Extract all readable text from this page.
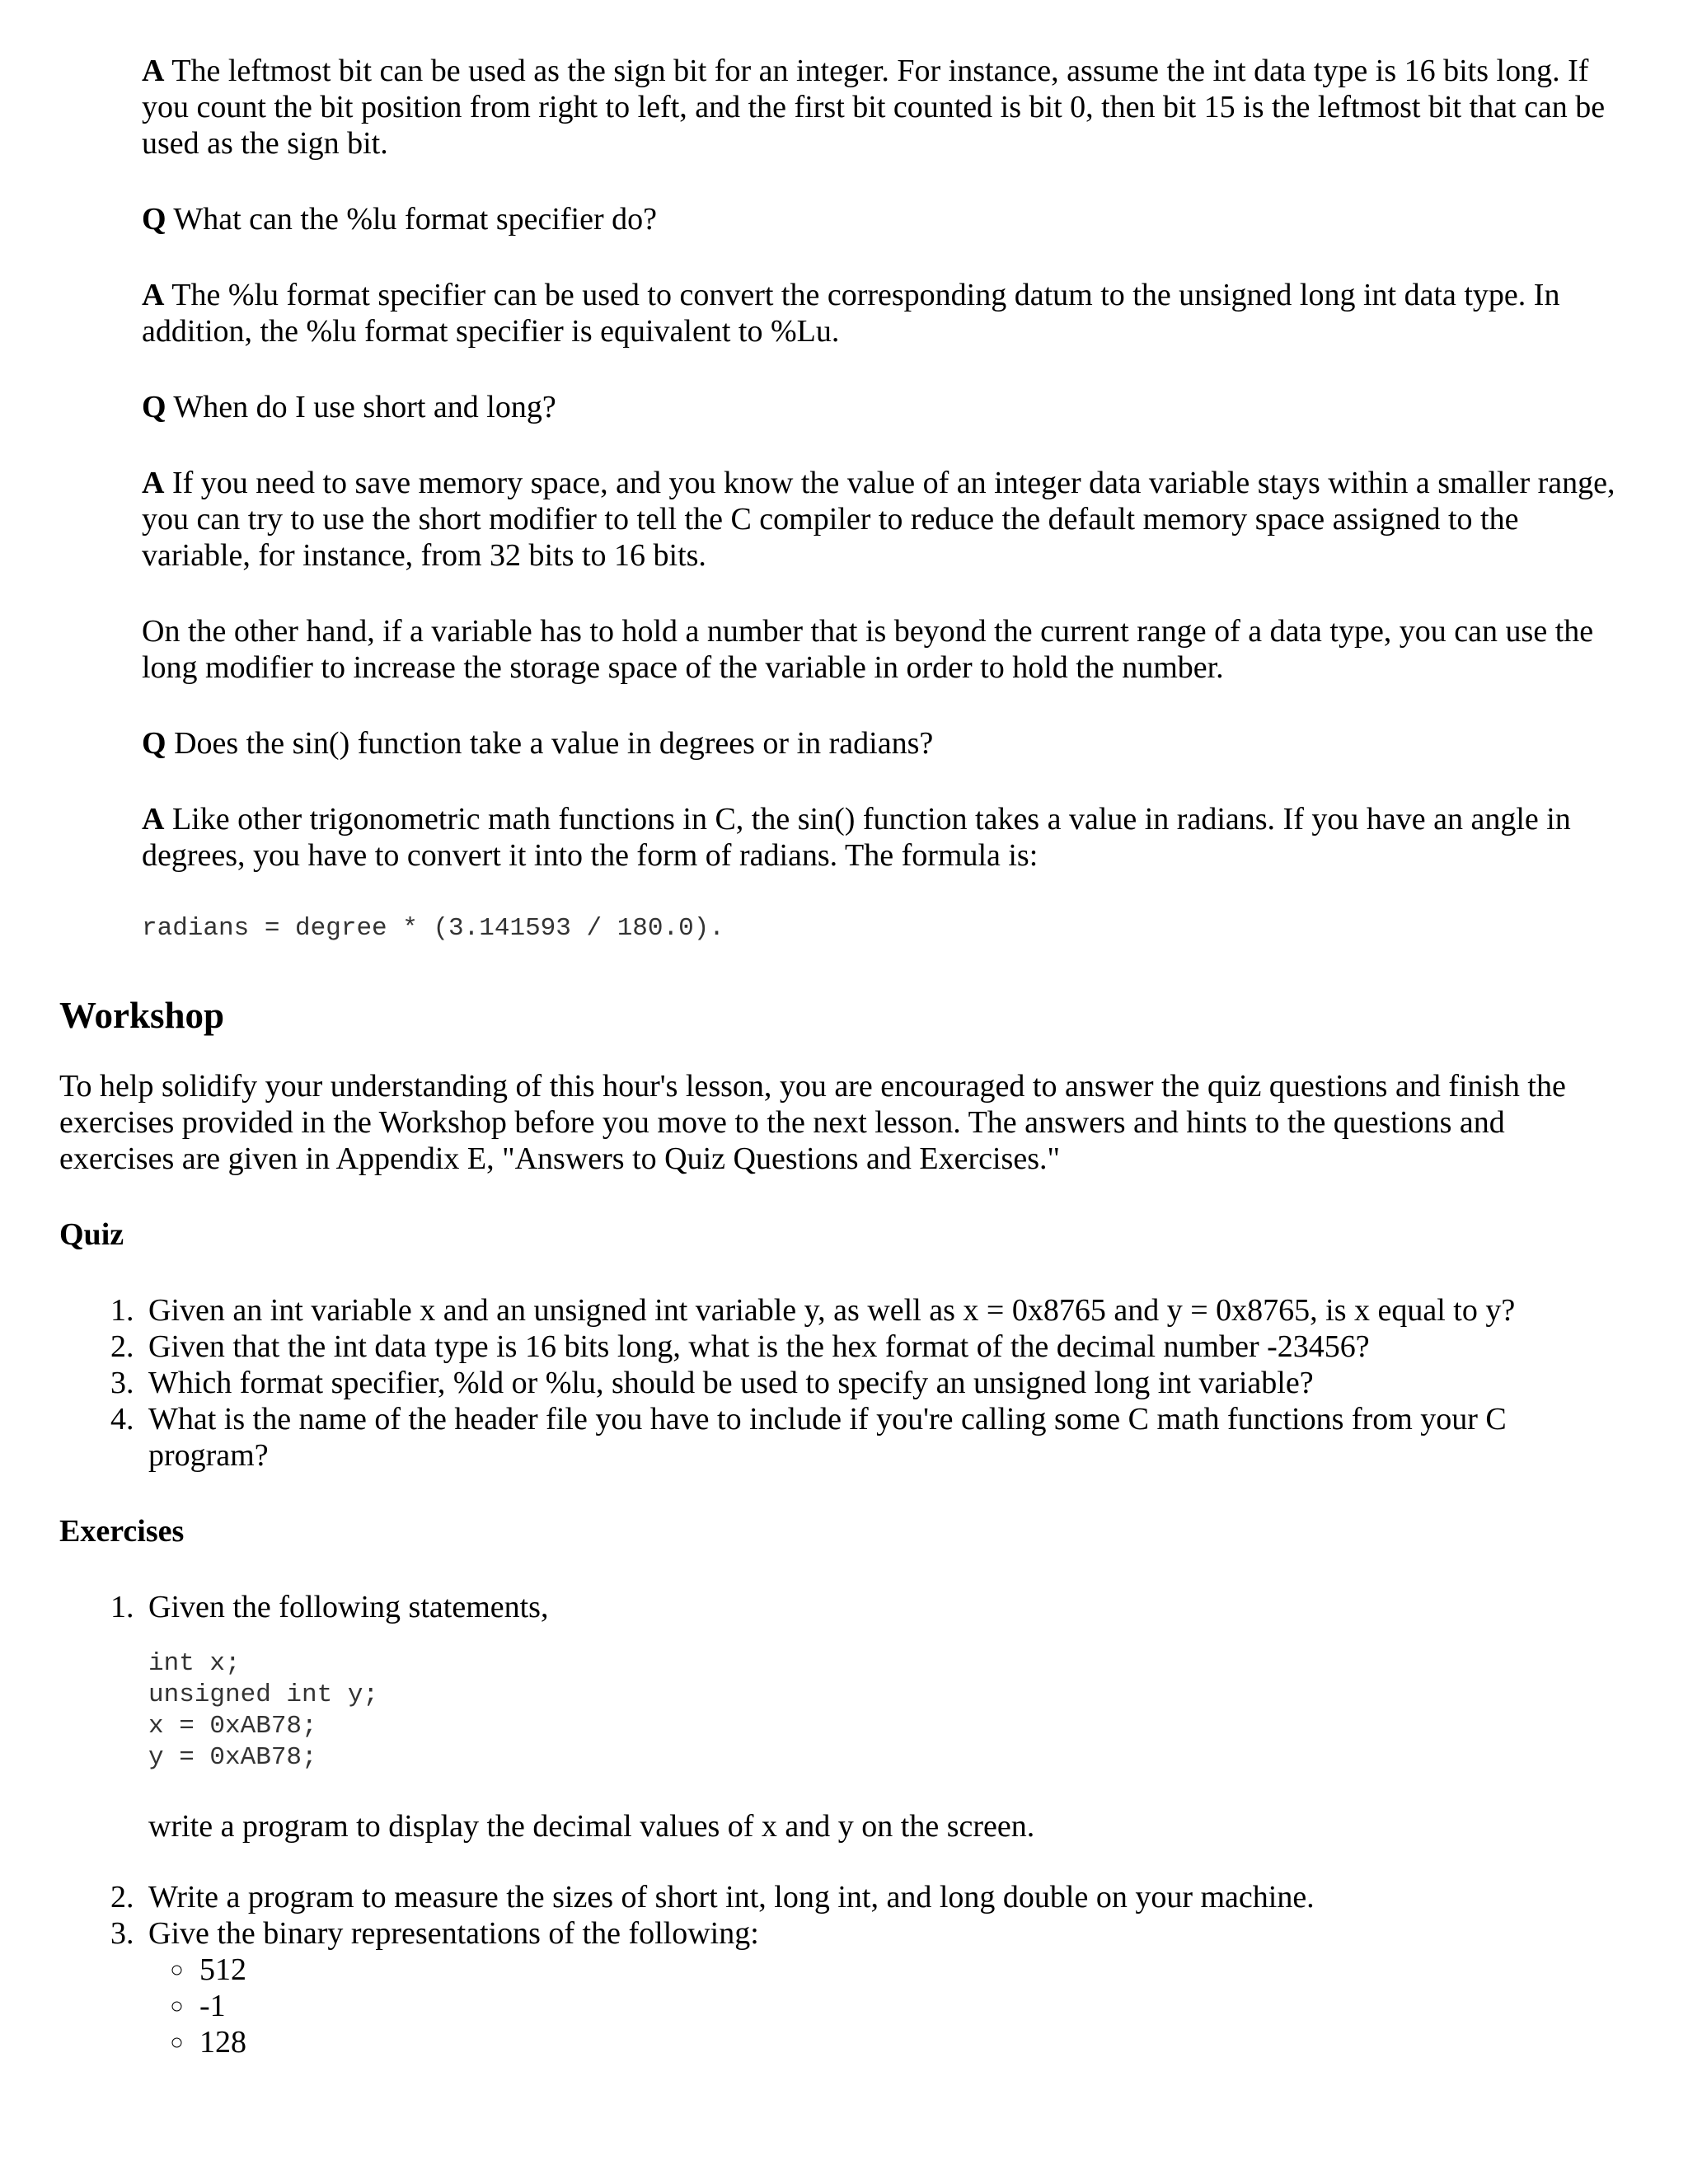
A The leftmost bit can be used as the sign bit for an integer. For instance, assume the int data type is 16 bits long. If you count the bit position from right to left, and the first bit counted is bit 0, then bit 15 is the leftmost bit that can be used as the sign bit.

Q What can the %lu format specifier do?

A The %lu format specifier can be used to convert the corresponding datum to the unsigned long int data type. In addition, the %lu format specifier is equivalent to %Lu.

Q When do I use short and long?

A If you need to save memory space, and you know the value of an integer data variable stays within a smaller range, you can try to use the short modifier to tell the C compiler to reduce the default memory space assigned to the variable, for instance, from 32 bits to 16 bits.

On the other hand, if a variable has to hold a number that is beyond the current range of a data type, you can use the long modifier to increase the storage space of the variable in order to hold the number.

Q Does the sin() function take a value in degrees or in radians?

A Like other trigonometric math functions in C, the sin() function takes a value in radians. If you have an angle in degrees, you have to convert it into the form of radians. The formula is:

radians = degree * (3.141593 / 180.0).
Workshop

To help solidify your understanding of this hour's lesson, you are encouraged to answer the quiz questions and finish the exercises provided in the Workshop before you move to the next lesson. The answers and hints to the questions and exercises are given in Appendix E, "Answers to Quiz Questions and Exercises."

Quiz
1. Given an int variable x and an unsigned int variable y, as well as x = 0x8765 and y = 0x8765, is x equal to y?
2. Given that the int data type is 16 bits long, what is the hex format of the decimal number -23456?
3. Which format specifier, %ld or %lu, should be used to specify an unsigned long int variable?
4. What is the name of the header file you have to include if you're calling some C math functions from your C program?
Exercises
1. Given the following statements,
int x;
unsigned int y;
x = 0xAB78;
y = 0xAB78;
write a program to display the decimal values of x and y on the screen.
2. Write a program to measure the sizes of short int, long int, and long double on your machine.
3. Give the binary representations of the following:
◦ 512
◦ -1
◦ 128
